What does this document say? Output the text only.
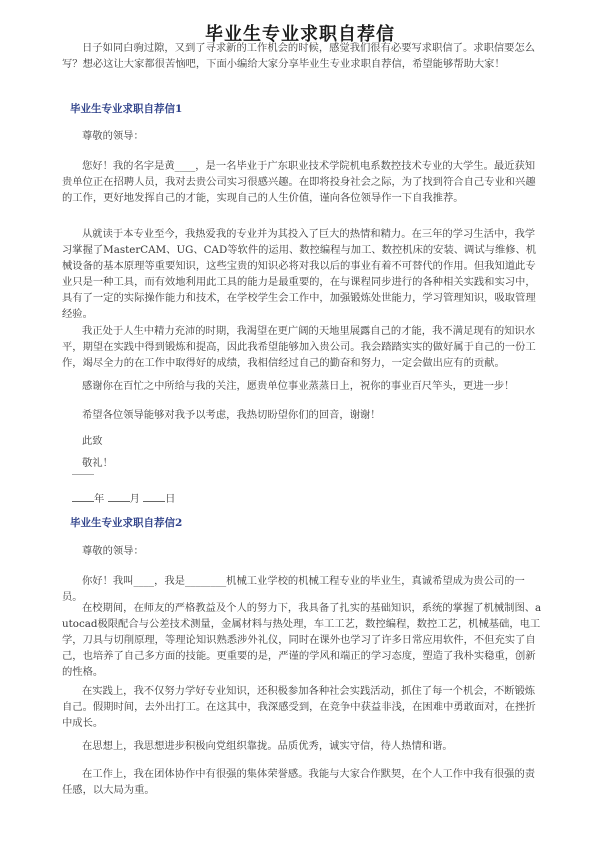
毕业生专业求职自荐信

日子如同白驹过隙，又到了寻求新的工作机会的时候，感觉我们很有必要写求职信了。求职信要怎么写？想必这让大家都很苦恼吧，下面小编给大家分享毕业生专业求职自荐信，希望能够帮助大家！

毕业生专业求职自荐信1

尊敬的领导：

您好！我的名字是黄____，是一名毕业于广东职业技术学院机电系数控技术专业的大学生。最近获知贵单位正在招聘人员，我对去贵公司实习很感兴趣。在即将投身社会之际，为了找到符合自己专业和兴趣的工作，更好地发挥自己的才能，实现自己的人生价值，谨向各位领导作一下自我推荐。

从就读于本专业至今，我热爱我的专业并为其投入了巨大的热情和精力。在三年的学习生活中，我学习掌握了MasterCAM、UG、CAD等软件的运用、数控编程与加工、数控机床的安装、调试与维修、机械设备的基本原理等重要知识，这些宝贵的知识必将对我以后的事业有着不可替代的作用。但我知道此专业只是一种工具，而有效地利用此工具的能力是最重要的，在与课程同步进行的各种相关实践和实习中，具有了一定的实际操作能力和技术，在学校学生会工作中，加强锻炼处世能力，学习管理知识，吸取管理经验。

我正处于人生中精力充沛的时期，我渴望在更广阔的天地里展露自己的才能，我不满足现有的知识水平，期望在实践中得到锻炼和提高，因此我希望能够加入贵公司。我会踏踏实实的做好属于自己的一份工作，竭尽全力的在工作中取得好的成绩，我相信经过自己的勤奋和努力，一定会做出应有的贡献。

感谢你在百忙之中所给与我的关注，愿贵单位事业蒸蒸日上，祝你的事业百尺竿头，更进一步！

希望各位领导能够对我予以考虑，我热切盼望你们的回音，谢谢！

此致

敬礼！

年 月 日

毕业生专业求职自荐信2

尊敬的领导：

你好！我叫____，我是________机械工业学校的机械工程专业的毕业生，真诚希望成为贵公司的一员。

在校期间，在师友的严格教益及个人的努力下，我具备了扎实的基础知识，系统的掌握了机械制图、autocad极限配合与公差技术测量，金属材料与热处理，车工工艺，数控编程，数控工艺，机械基础，电工学，刀具与切削原理，等理论知识熟悉涉外礼仪，同时在课外也学习了许多日常应用软件，不但充实了自己，也培养了自己多方面的技能。更重要的是，严谨的学风和端正的学习态度，塑造了我朴实稳重，创新的性格。

在实践上，我不仅努力学好专业知识，还积极参加各种社会实践活动，抓住了每一个机会，不断锻炼自己。假期时间，去外出打工。在这其中，我深感受到，在竞争中获益非浅，在困难中勇敢面对，在挫折中成长。

在思想上，我思想进步积极向党组织靠拢。品质优秀，诚实守信，待人热情和谐。

在工作上，我在团体协作中有很强的集体荣誉感。我能与大家合作默契，在个人工作中我有很强的责任感，以大局为重。
